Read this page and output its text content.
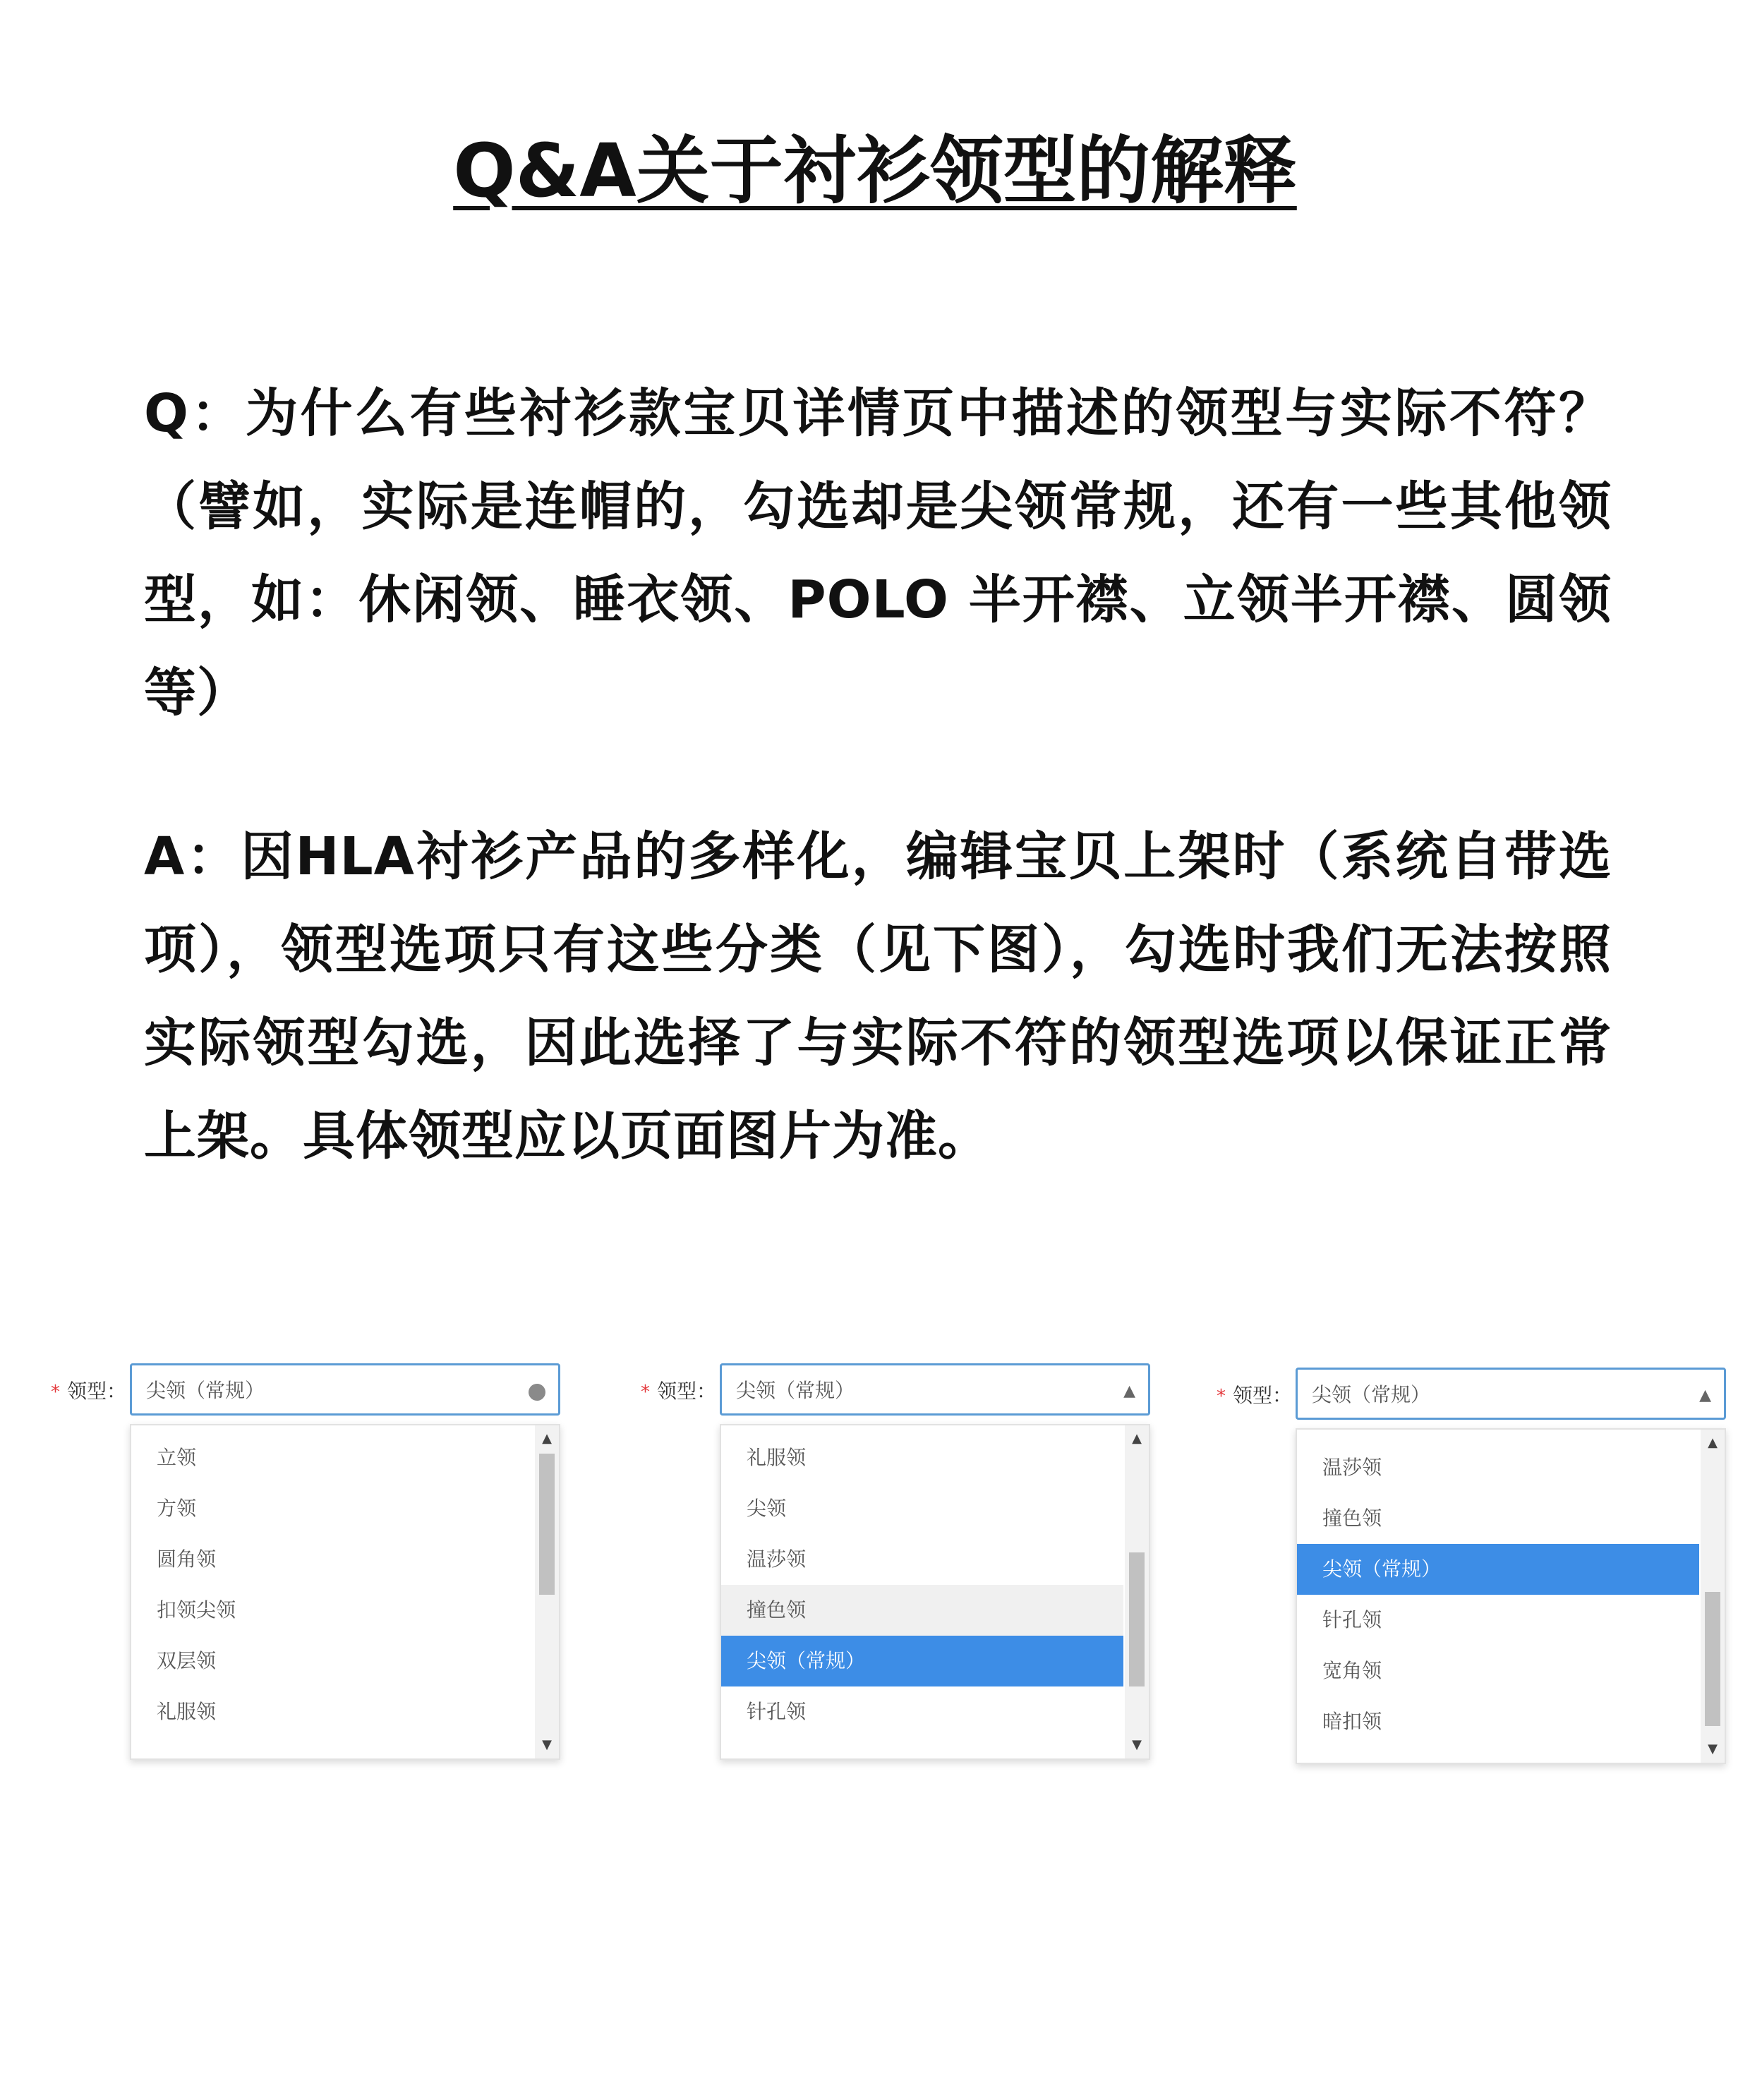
Q&A关于衬衫领型的解释

Q：为什么有些衬衫款宝贝详情页中描述的领型与实际不符？（譬如，实际是连帽的，勾选却是尖领常规，还有一些其他领型，如：休闲领、睡衣领、POLO 半开襟、立领半开襟、圆领等）

A：因HLA衬衫产品的多样化，编辑宝贝上架时（系统自带选项），领型选项只有这些分类（见下图），勾选时我们无法按照实际领型勾选，因此选择了与实际不符的领型选项以保证正常上架。具体领型应以页面图片为准。

* 领型： 尖领（常规）
立领
方领
圆角领
扣领尖领
双层领
礼服领
▲
▼
* 领型： 尖领（常规）	▲
礼服领
尖领
温莎领
撞色领
尖领（常规）
针孔领
▲
▼
* 领型： 尖领（常规）	▲
温莎领
撞色领
尖领（常规）
针孔领
宽角领
暗扣领
▲
▼
